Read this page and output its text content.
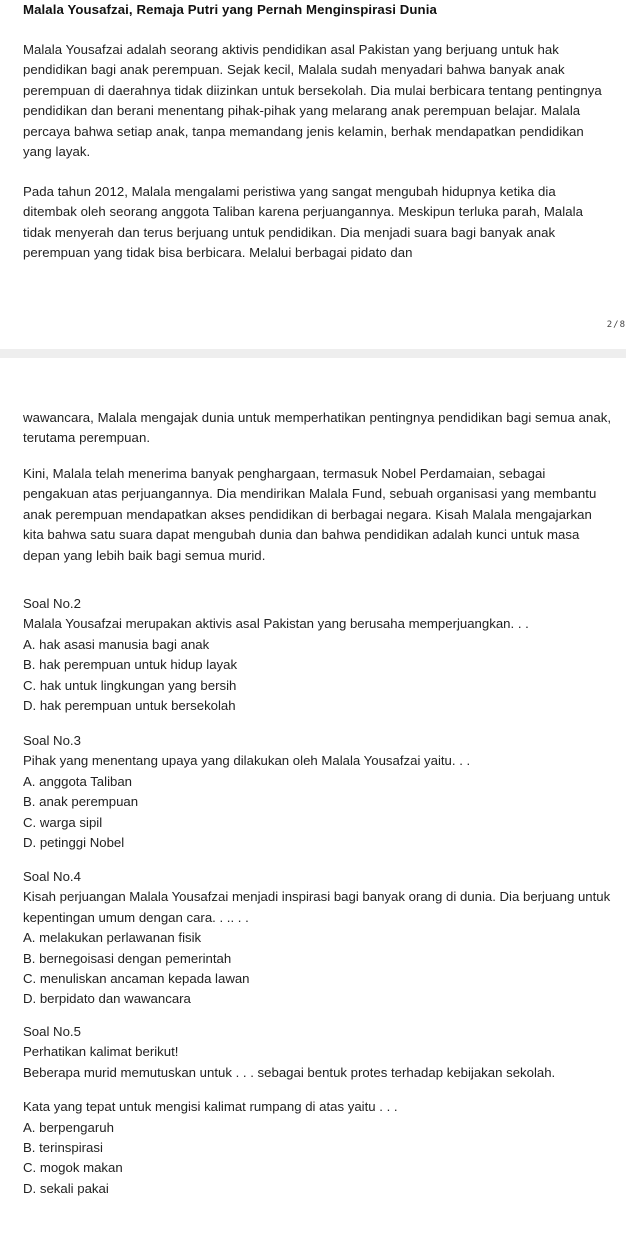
Malala Yousafzai, Remaja Putri yang Pernah Menginspirasi Dunia

Malala Yousafzai adalah seorang aktivis pendidikan asal Pakistan yang berjuang untuk hak pendidikan bagi anak perempuan. Sejak kecil, Malala sudah menyadari bahwa banyak anak perempuan di daerahnya tidak diizinkan untuk bersekolah. Dia mulai berbicara tentang pentingnya pendidikan dan berani menentang pihak-pihak yang melarang anak perempuan belajar. Malala percaya bahwa setiap anak, tanpa memandang jenis kelamin, berhak mendapatkan pendidikan yang layak.

Pada tahun 2012, Malala mengalami peristiwa yang sangat mengubah hidupnya ketika dia ditembak oleh seorang anggota Taliban karena perjuangannya. Meskipun terluka parah, Malala tidak menyerah dan terus berjuang untuk pendidikan. Dia menjadi suara bagi banyak anak perempuan yang tidak bisa berbicara. Melalui berbagai pidato dan

2/8

wawancara, Malala mengajak dunia untuk memperhatikan pentingnya pendidikan bagi semua anak, terutama perempuan.

Kini, Malala telah menerima banyak penghargaan, termasuk Nobel Perdamaian, sebagai pengakuan atas perjuangannya. Dia mendirikan Malala Fund, sebuah organisasi yang membantu anak perempuan mendapatkan akses pendidikan di berbagai negara. Kisah Malala mengajarkan kita bahwa satu suara dapat mengubah dunia dan bahwa pendidikan adalah kunci untuk masa depan yang lebih baik bagi semua murid.

Soal No.2
Malala Yousafzai merupakan aktivis asal Pakistan yang berusaha memperjuangkan. . .
A. hak asasi manusia bagi anak
B. hak perempuan untuk hidup layak
C. hak untuk lingkungan yang bersih
D. hak perempuan untuk bersekolah
Soal No.3
Pihak yang menentang upaya yang dilakukan oleh Malala Yousafzai yaitu. . .
A. anggota Taliban
B. anak perempuan
C. warga sipil
D. petinggi Nobel
Soal No.4
Kisah perjuangan Malala Yousafzai menjadi inspirasi bagi banyak orang di dunia. Dia berjuang untuk kepentingan umum dengan cara. . .. . .
A. melakukan perlawanan fisik
B. bernegoisasi dengan pemerintah
C. menuliskan ancaman kepada lawan
D. berpidato dan wawancara
Soal No.5
Perhatikan kalimat berikut!
Beberapa murid memutuskan untuk . . . sebagai bentuk protes terhadap kebijakan sekolah.
Kata yang tepat untuk mengisi kalimat rumpang di atas yaitu . . .
A. berpengaruh
B. terinspirasi
C. mogok makan
D. sekali pakai
